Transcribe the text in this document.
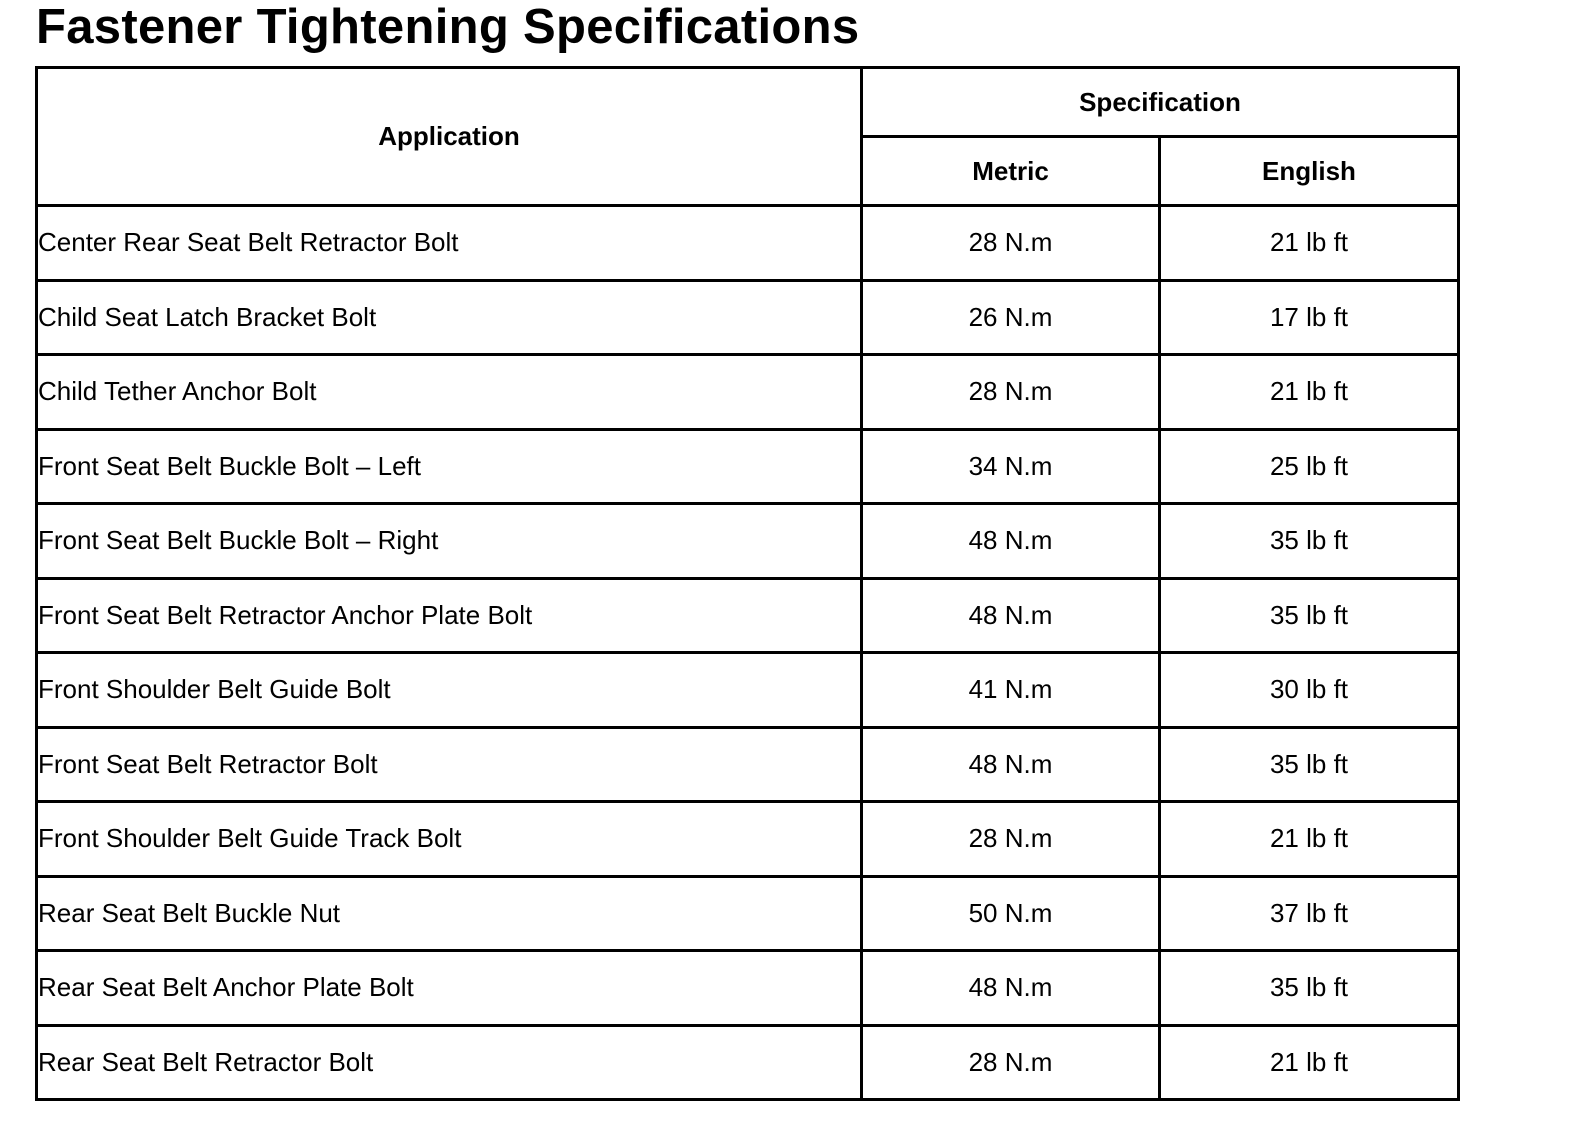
Fastener Tightening Specifications
Application	Specification	
	Metric	English
Center Rear Seat Belt Retractor Bolt	28 N.m	21 lb ft
Child Seat Latch Bracket Bolt	26 N.m	17 lb ft
Child Tether Anchor Bolt	28 N.m	21 lb ft
Front Seat Belt Buckle Bolt – Left	34 N.m	25 lb ft
Front Seat Belt Buckle Bolt – Right	48 N.m	35 lb ft
Front Seat Belt Retractor Anchor Plate Bolt	48 N.m	35 lb ft
Front Shoulder Belt Guide Bolt	41 N.m	30 lb ft
Front Seat Belt Retractor Bolt	48 N.m	35 lb ft
Front Shoulder Belt Guide Track Bolt	28 N.m	21 lb ft
Rear Seat Belt Buckle Nut	50 N.m	37 lb ft
Rear Seat Belt Anchor Plate Bolt	48 N.m	35 lb ft
Rear Seat Belt Retractor Bolt	28 N.m	21 lb ft
